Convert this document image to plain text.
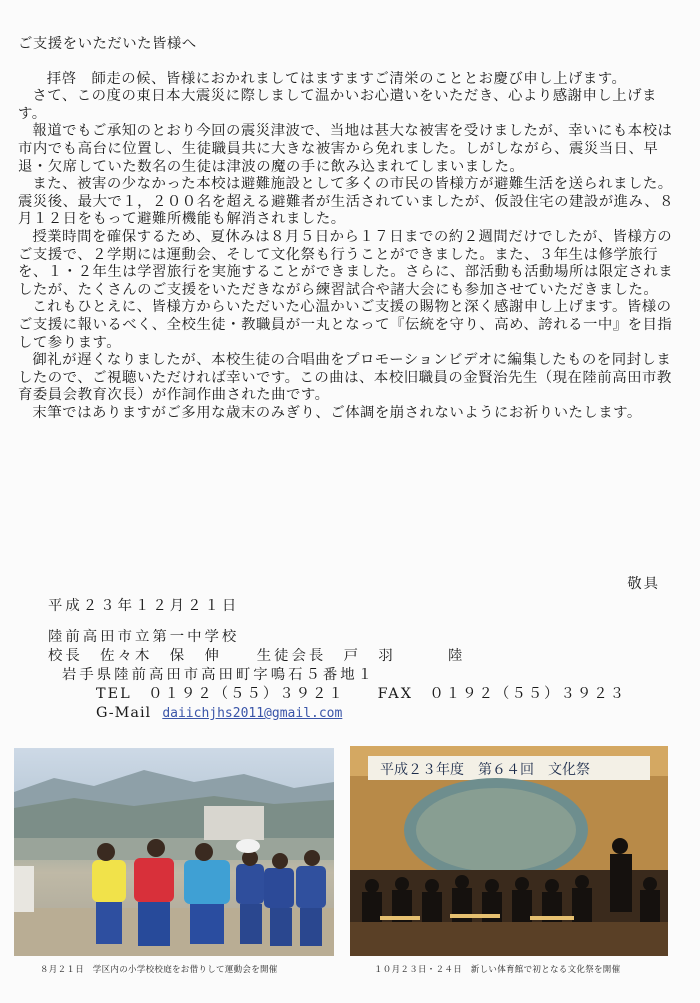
ご支援をいただいた皆様へ

拝啓　師走の候、皆様におかれましてはますますご清栄のこととお慶び申し上げます。

さて、この度の東日本大震災に際しまして温かいお心遣いをいただき、心より感謝申し上げます。

報道でもご承知のとおり今回の震災津波で、当地は甚大な被害を受けましたが、幸いにも本校は市内でも高台に位置し、生徒職員共に大きな被害から免れました。しがしながら、震災当日、早退・欠席していた数名の生徒は津波の魔の手に飲み込まれてしまいました。

また、被害の少なかった本校は避難施設として多くの市民の皆様方が避難生活を送られました。震災後、最大で１，２００名を超える避難者が生活されていましたが、仮設住宅の建設が進み、８月１２日をもって避難所機能も解消されました。

授業時間を確保するため、夏休みは８月５日から１７日までの約２週間だけでしたが、皆様方のご支援で、２学期には運動会、そして文化祭も行うことができました。また、３年生は修学旅行を、１・２年生は学習旅行を実施することができました。さらに、部活動も活動場所は限定されましたが、たくさんのご支援をいただきながら練習試合や諸大会にも参加させていただきました。

これもひとえに、皆様方からいただいた心温かいご支援の賜物と深く感謝申し上げます。皆様のご支援に報いるべく、全校生徒・教職員が一丸となって『伝統を守り、高め、誇れる一中』を目指して参ります。

御礼が遅くなりましたが、本校生徒の合唱曲をプロモーションビデオに編集したものを同封しましたので、ご視聴いただければ幸いです。この曲は、本校旧職員の金賢治先生（現在陸前高田市教育委員会教育次長）が作詞作曲された曲です。

末筆ではありますがご多用な歳末のみぎり、ご体調を崩されないようにお祈りいたします。

敬具
平成２３年１２月２１日
陸前高田市立第一中学校
校長　佐々木　保　伸　　生徒会長　戸　羽　　　陸
岩手県陸前高田市高田町字鳴石５番地１
TEL　 ０１９２（５５）３９２１　　 FAX　 ０１９２（５５）３９２３
G-Mail daiichjhs2011@gmail.com
平成２３年度　第６４回　文化祭
８月２１日　学区内の小学校校庭をお借りして運動会を開催	１０月２３日・２４日　新しい体育館で初となる文化祭を開催
